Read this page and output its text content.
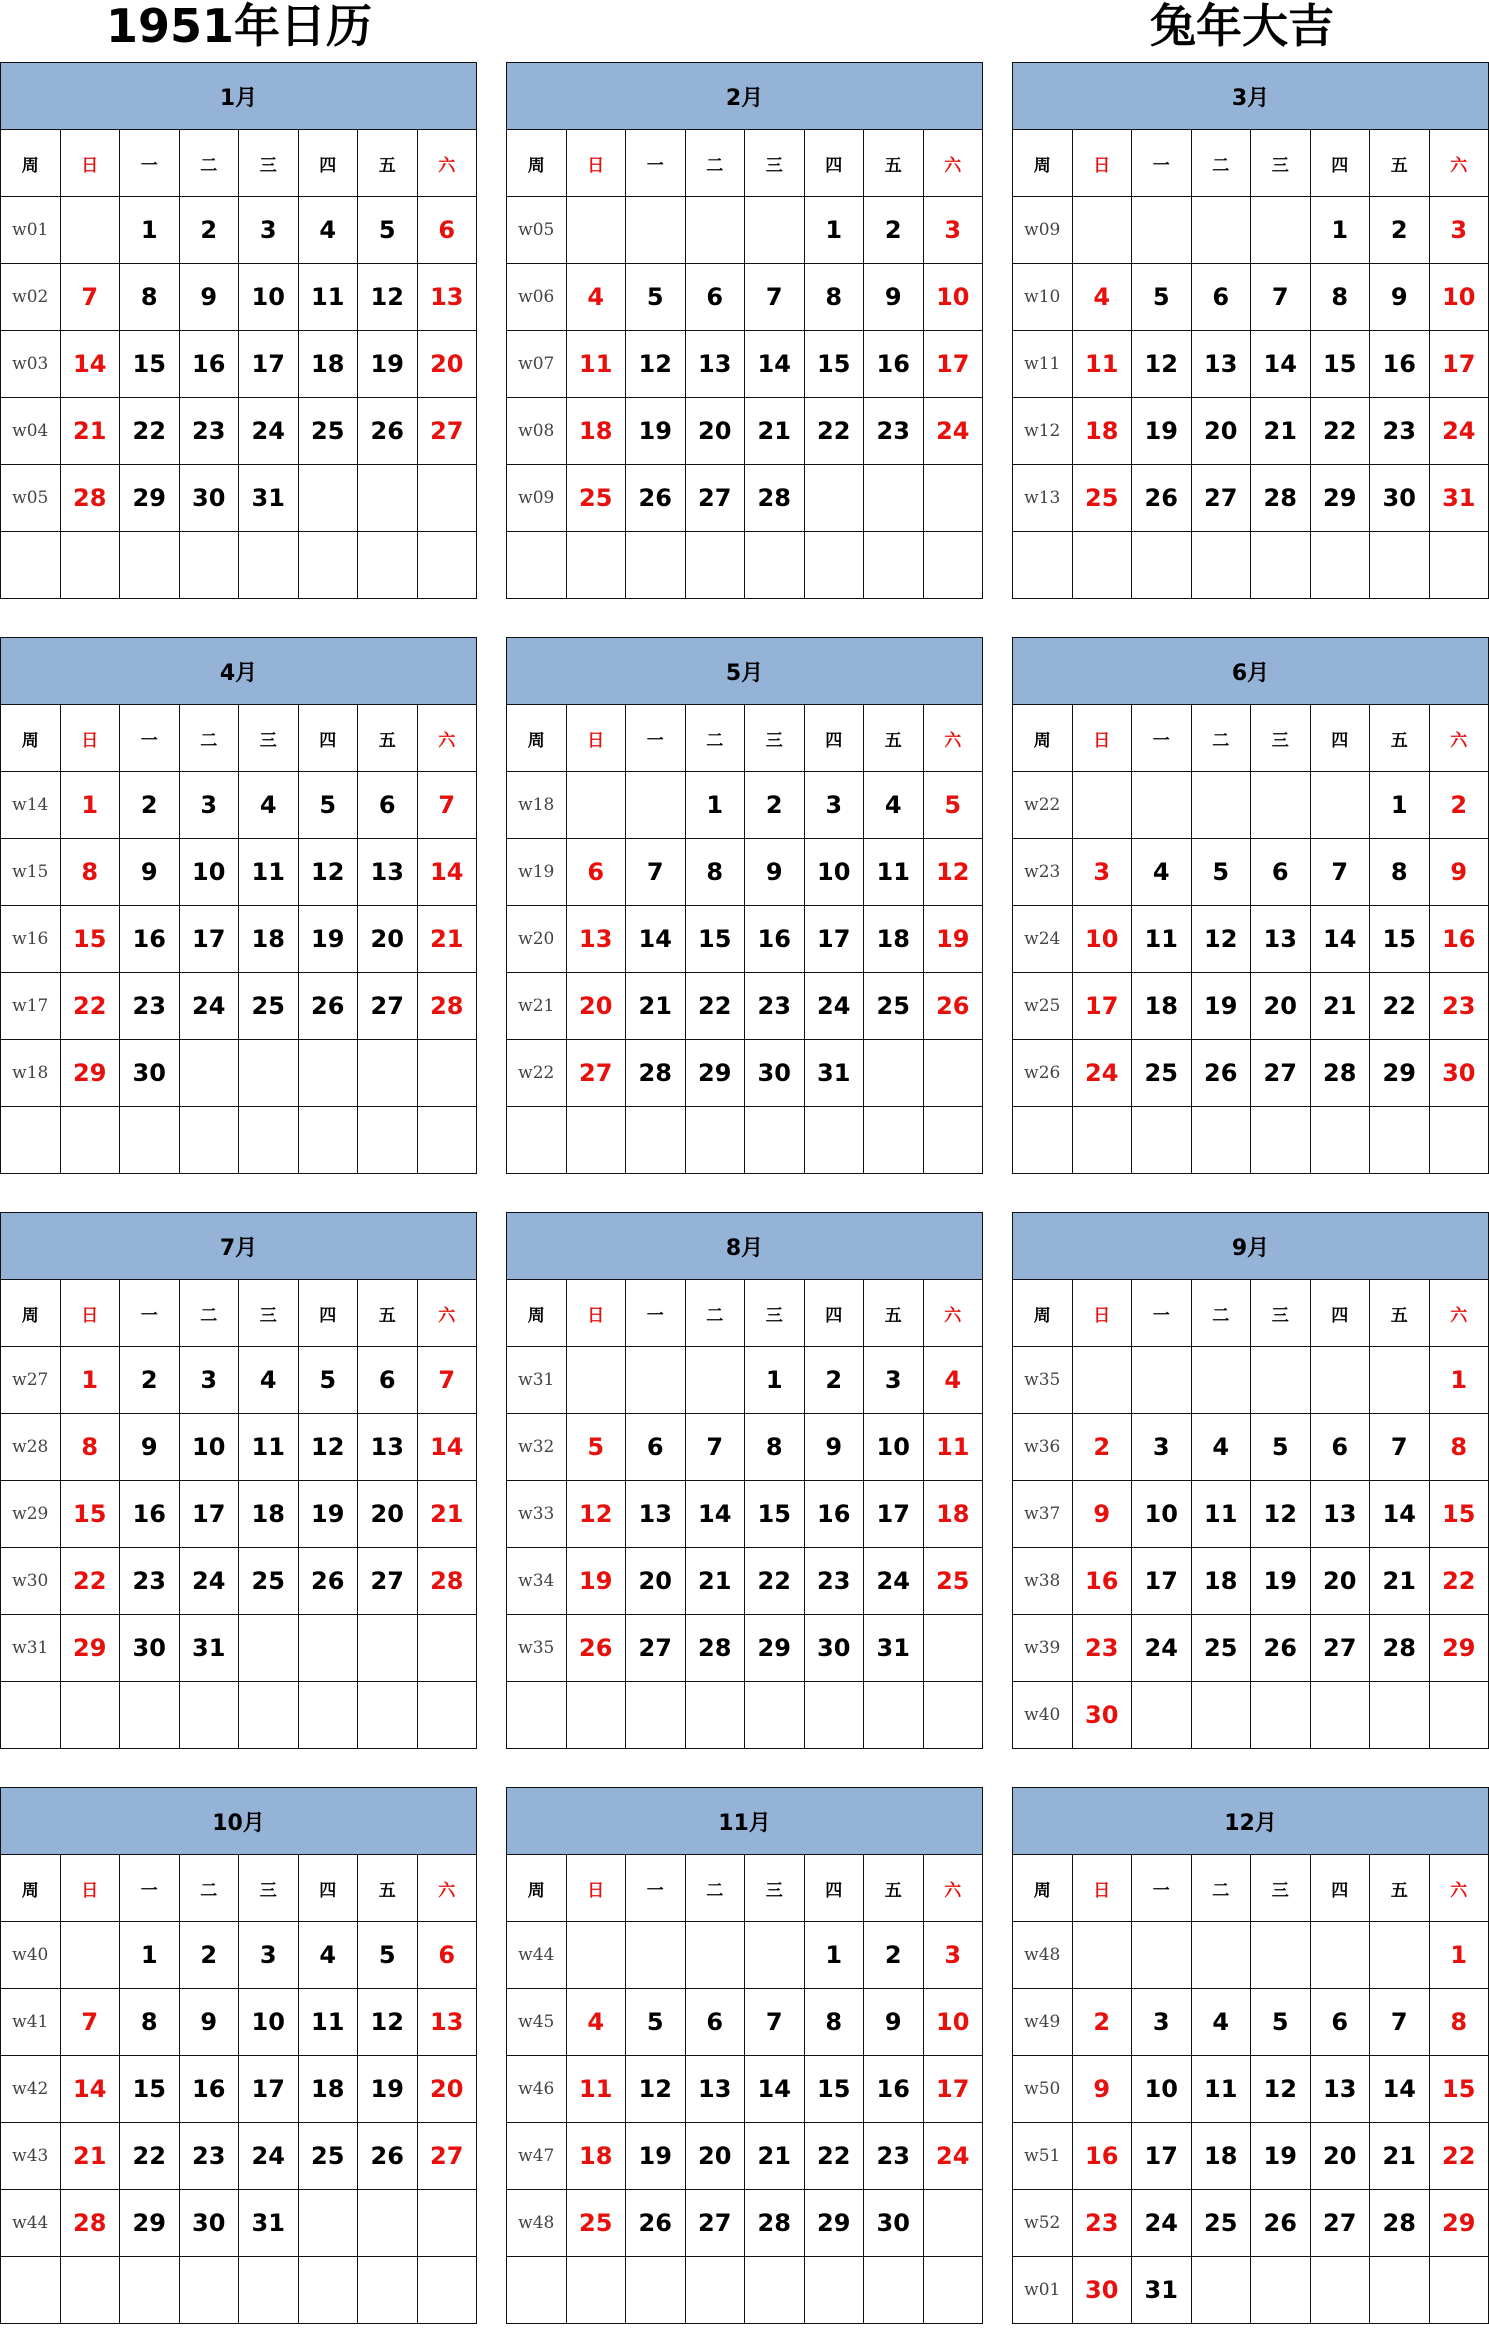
1951年日历	兔年大吉
1月							
周	日	一	二	三	四	五	六
w01		1	2	3	4	5	6
w02	7	8	9	10	11	12	13
w03	14	15	16	17	18	19	20
w04	21	22	23	24	25	26	27
w05	28	29	30	31			

2月							
周	日	一	二	三	四	五	六
w05					1	2	3
w06	4	5	6	7	8	9	10
w07	11	12	13	14	15	16	17
w08	18	19	20	21	22	23	24
w09	25	26	27	28			

3月							
周	日	一	二	三	四	五	六
w09					1	2	3
w10	4	5	6	7	8	9	10
w11	11	12	13	14	15	16	17
w12	18	19	20	21	22	23	24
w13	25	26	27	28	29	30	31

4月							
周	日	一	二	三	四	五	六
w14	1	2	3	4	5	6	7
w15	8	9	10	11	12	13	14
w16	15	16	17	18	19	20	21
w17	22	23	24	25	26	27	28
w18	29	30					

5月							
周	日	一	二	三	四	五	六
w18			1	2	3	4	5
w19	6	7	8	9	10	11	12
w20	13	14	15	16	17	18	19
w21	20	21	22	23	24	25	26
w22	27	28	29	30	31		

6月							
周	日	一	二	三	四	五	六
w22						1	2
w23	3	4	5	6	7	8	9
w24	10	11	12	13	14	15	16
w25	17	18	19	20	21	22	23
w26	24	25	26	27	28	29	30

7月							
周	日	一	二	三	四	五	六
w27	1	2	3	4	5	6	7
w28	8	9	10	11	12	13	14
w29	15	16	17	18	19	20	21
w30	22	23	24	25	26	27	28
w31	29	30	31				

8月							
周	日	一	二	三	四	五	六
w31				1	2	3	4
w32	5	6	7	8	9	10	11
w33	12	13	14	15	16	17	18
w34	19	20	21	22	23	24	25
w35	26	27	28	29	30	31	

9月							
周	日	一	二	三	四	五	六
w35							1
w36	2	3	4	5	6	7	8
w37	9	10	11	12	13	14	15
w38	16	17	18	19	20	21	22
w39	23	24	25	26	27	28	29
w40	30						
10月							
周	日	一	二	三	四	五	六
w40		1	2	3	4	5	6
w41	7	8	9	10	11	12	13
w42	14	15	16	17	18	19	20
w43	21	22	23	24	25	26	27
w44	28	29	30	31			

11月							
周	日	一	二	三	四	五	六
w44					1	2	3
w45	4	5	6	7	8	9	10
w46	11	12	13	14	15	16	17
w47	18	19	20	21	22	23	24
w48	25	26	27	28	29	30	

12月							
周	日	一	二	三	四	五	六
w48							1
w49	2	3	4	5	6	7	8
w50	9	10	11	12	13	14	15
w51	16	17	18	19	20	21	22
w52	23	24	25	26	27	28	29
w01	30	31					
